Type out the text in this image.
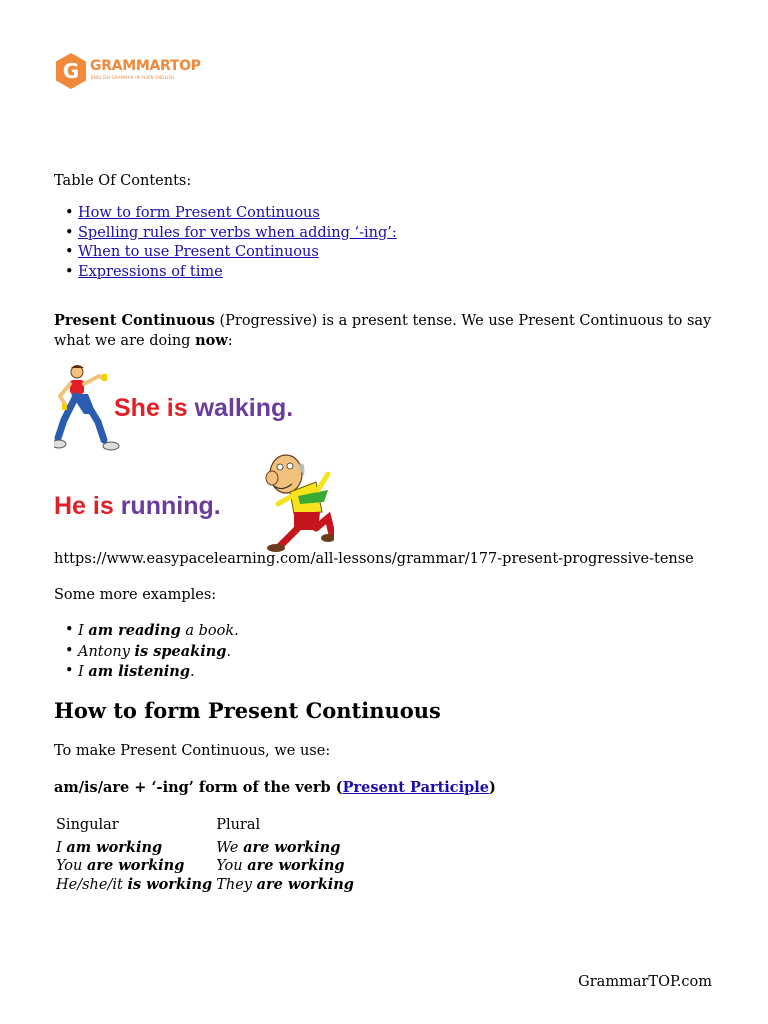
G GRAMMARTOP
ENGLISH GRAMMAR IN PLAIN ENGLISH
Table Of Contents:
• How to form Present Continuous
• Spelling rules for verbs when adding ‘-ing’:
• When to use Present Continuous
• Expressions of time
Present Continuous (Progressive) is a present tense. We use Present Continuous to say what we are doing now:
She is walking.
He is running.
https://www.easypacelearning.com/all-lessons/grammar/177-present-progressive-tense
Some more examples:
• I am reading a book.
• Antony is speaking.
• I am listening.
How to form Present Continuous
To make Present Continuous, we use:
am/is/are + ‘-ing’ form of the verb (Present Participle)
Singular	Plural
I am working	We are working
You are working	You are working
He/she/it is working	They are working
GrammarTOP.com
